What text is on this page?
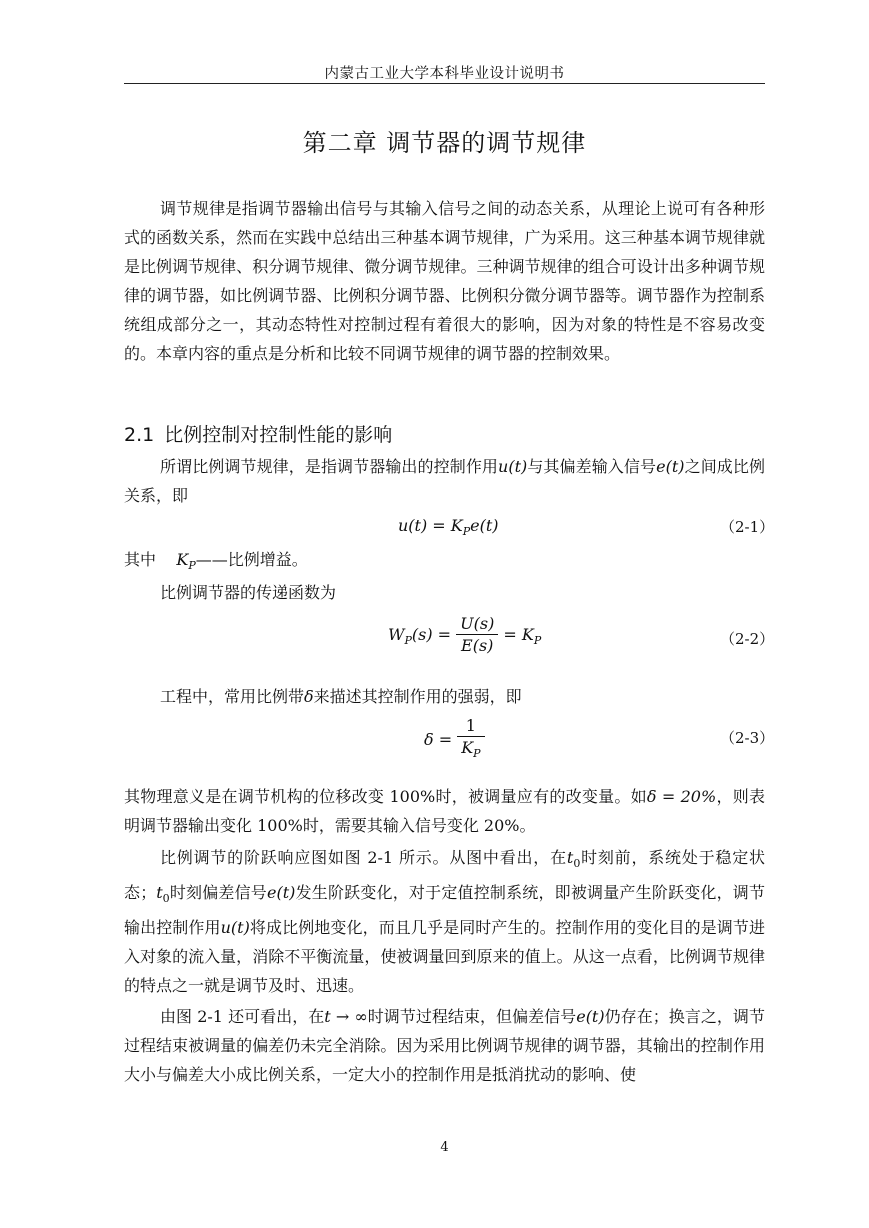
内蒙古工业大学本科毕业设计说明书
第二章 调节器的调节规律

调节规律是指调节器输出信号与其输入信号之间的动态关系，从理论上说可有各种形式的函数关系，然而在实践中总结出三种基本调节规律，广为采用。这三种基本调节规律就是比例调节规律、积分调节规律、微分调节规律。三种调节规律的组合可设计出多种调节规律的调节器，如比例调节器、比例积分调节器、比例积分微分调节器等。调节器作为控制系统组成部分之一，其动态特性对控制过程有着很大的影响，因为对象的特性是不容易改变的。本章内容的重点是分析和比较不同调节规律的调节器的控制效果。

2.1 比例控制对控制性能的影响

所谓比例调节规律，是指调节器输出的控制作用u(t)与其偏差输入信号e(t)之间成比例关系，即

$u(t) = K_Pe(t)$	（2-1）

其中 $K_P——$比例增益。

比例调节器的传递函数为

$W_P(s) = \frac{U(s)}{E(s)} = K_P$	（2-2）

工程中，常用比例带δ来描述其控制作用的强弱，即

$\delta = \frac{1}{K_P}$	（2-3）

其物理意义是在调节机构的位移改变 100%时，被调量应有的改变量。如δ = 20%，则表明调节器输出变化 100%时，需要其输入信号变化 20%。

比例调节的阶跃响应图如图 2-1 所示。从图中看出，在$t_0$时刻前，系统处于稳定状态；$t_0$时刻偏差信号e(t)发生阶跃变化，对于定值控制系统，即被调量产生阶跃变化，调节输出控制作用u(t)将成比例地变化，而且几乎是同时产生的。控制作用的变化目的是调节进入对象的流入量，消除不平衡流量，使被调量回到原来的值上。从这一点看，比例调节规律的特点之一就是调节及时、迅速。

由图 2-1 还可看出，在t → ∞时调节过程结束，但偏差信号e(t)仍存在；换言之，调节过程结束被调量的偏差仍未完全消除。因为采用比例调节规律的调节器，其输出的控制作用大小与偏差大小成比例关系，一定大小的控制作用是抵消扰动的影响、使

4
